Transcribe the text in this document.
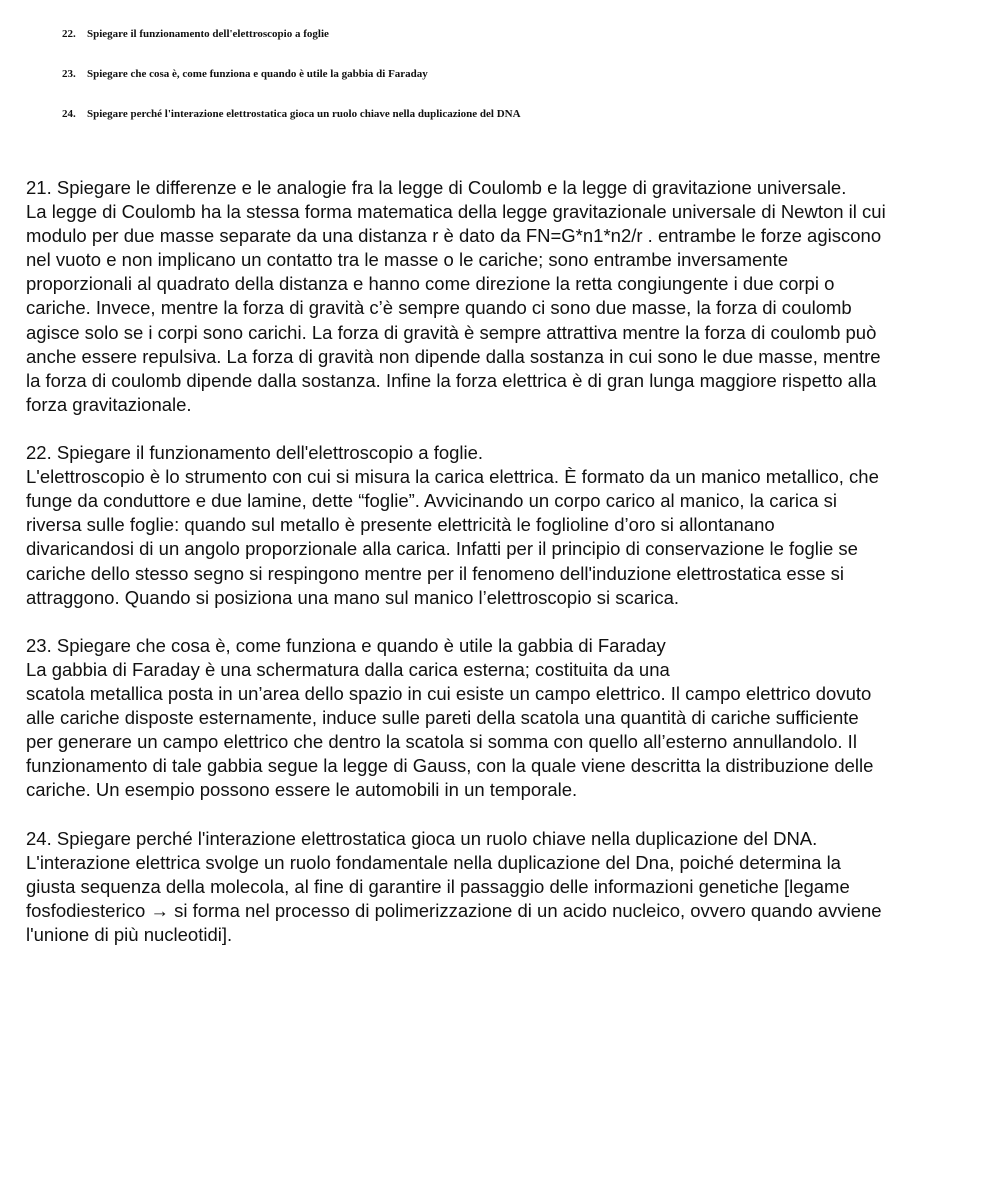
22. Spiegare il funzionamento dell'elettroscopio a foglie
23. Spiegare che cosa è, come funziona e quando è utile la gabbia di Faraday
24. Spiegare perché l'interazione elettrostatica gioca un ruolo chiave nella duplicazione del DNA
21. Spiegare le differenze e le analogie fra la legge di Coulomb e la legge di gravitazione universale.
La legge di Coulomb ha la stessa forma matematica della legge gravitazionale universale di Newton il cui
modulo per due masse separate da una distanza r è dato da FN=G*n1*n2/r . entrambe le forze agiscono
nel vuoto e non implicano un contatto tra le masse o le cariche; sono entrambe inversamente
proporzionali al quadrato della distanza e hanno come direzione la retta congiungente i due corpi o
cariche. Invece, mentre la forza di gravità c’è sempre quando ci sono due masse, la forza di coulomb
agisce solo se i corpi sono carichi. La forza di gravità è sempre attrattiva mentre la forza di coulomb può
anche essere repulsiva. La forza di gravità non dipende dalla sostanza in cui sono le due masse, mentre
la forza di coulomb dipende dalla sostanza. Infine la forza elettrica è di gran lunga maggiore rispetto alla
forza gravitazionale.
22. Spiegare il funzionamento dell'elettroscopio a foglie.
L'elettroscopio è lo strumento con cui si misura la carica elettrica. È formato da un manico metallico, che
funge da conduttore e due lamine, dette “foglie”. Avvicinando un corpo carico al manico, la carica si
riversa sulle foglie: quando sul metallo è presente elettricità le foglioline d’oro si allontanano
divaricandosi di un angolo proporzionale alla carica. Infatti per il principio di conservazione le foglie se
cariche dello stesso segno si respingono mentre per il fenomeno dell'induzione elettrostatica esse si
attraggono. Quando si posiziona una mano sul manico l’elettroscopio si scarica.
23. Spiegare che cosa è, come funziona e quando è utile la gabbia di Faraday
La gabbia di Faraday è una schermatura dalla carica esterna; costituita da una
scatola metallica posta in un’area dello spazio in cui esiste un campo elettrico. Il campo elettrico dovuto
alle cariche disposte esternamente, induce sulle pareti della scatola una quantità di cariche sufficiente
per generare un campo elettrico che dentro la scatola si somma con quello all’esterno annullandolo. Il
funzionamento di tale gabbia segue la legge di Gauss, con la quale viene descritta la distribuzione delle
cariche. Un esempio possono essere le automobili in un temporale.
24. Spiegare perché l'interazione elettrostatica gioca un ruolo chiave nella duplicazione del DNA.
L'interazione elettrica svolge un ruolo fondamentale nella duplicazione del Dna, poiché determina la
giusta sequenza della molecola, al fine di garantire il passaggio delle informazioni genetiche [legame
fosfodiesterico → si forma nel processo di polimerizzazione di un acido nucleico, ovvero quando avviene
l'unione di più nucleotidi].
